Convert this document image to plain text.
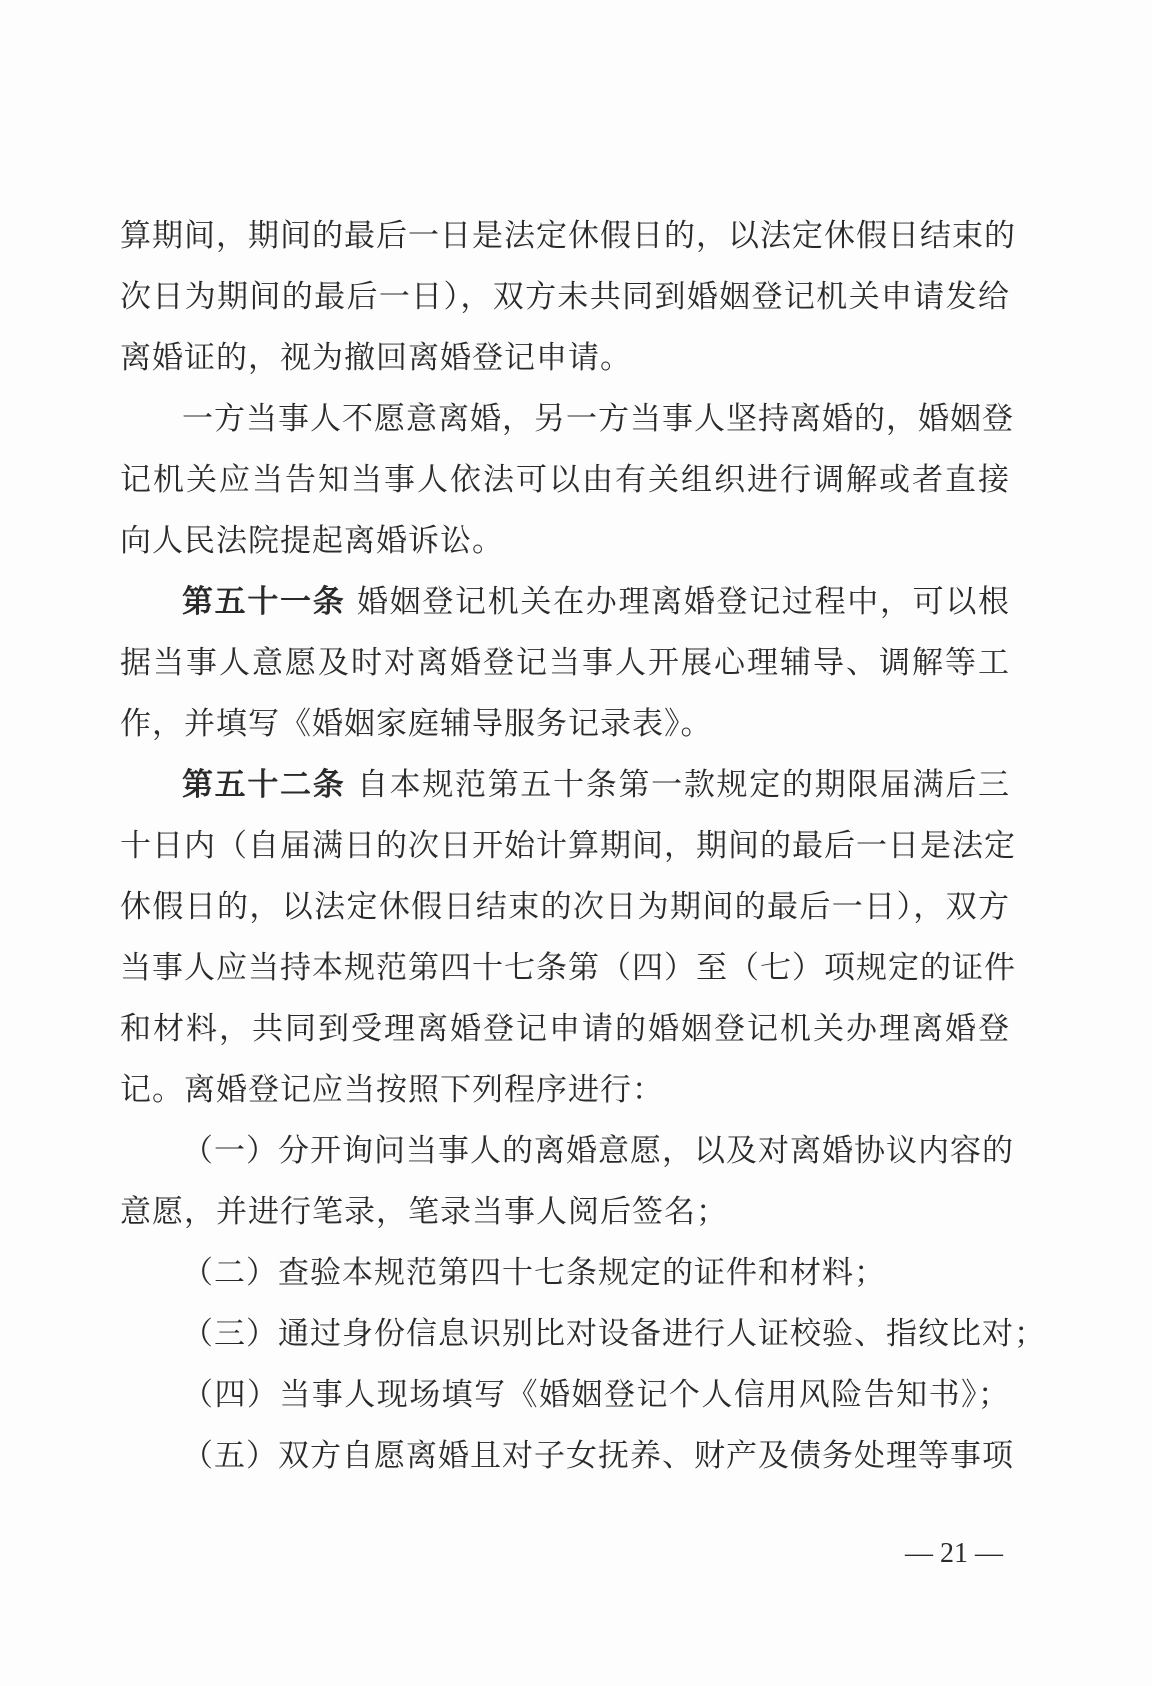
算期间，期间的最后一日是法定休假日的，以法定休假日结束的
次日为期间的最后一日），双方未共同到婚姻登记机关申请发给
离婚证的，视为撤回离婚登记申请。
一方当事人不愿意离婚，另一方当事人坚持离婚的，婚姻登
记机关应当告知当事人依法可以由有关组织进行调解或者直接
向人民法院提起离婚诉讼。
第五十一条 婚姻登记机关在办理离婚登记过程中，可以根
据当事人意愿及时对离婚登记当事人开展心理辅导、调解等工
作，并填写《婚姻家庭辅导服务记录表》。
第五十二条 自本规范第五十条第一款规定的期限届满后三
十日内（自届满日的次日开始计算期间，期间的最后一日是法定
休假日的，以法定休假日结束的次日为期间的最后一日），双方
当事人应当持本规范第四十七条第（四）至（七）项规定的证件
和材料，共同到受理离婚登记申请的婚姻登记机关办理离婚登
记。离婚登记应当按照下列程序进行：
（一）分开询问当事人的离婚意愿，以及对离婚协议内容的
意愿，并进行笔录，笔录当事人阅后签名；
（二）查验本规范第四十七条规定的证件和材料；
（三）通过身份信息识别比对设备进行人证校验、指纹比对；
（四）当事人现场填写《婚姻登记个人信用风险告知书》；
（五）双方自愿离婚且对子女抚养、财产及债务处理等事项
— 21 —
